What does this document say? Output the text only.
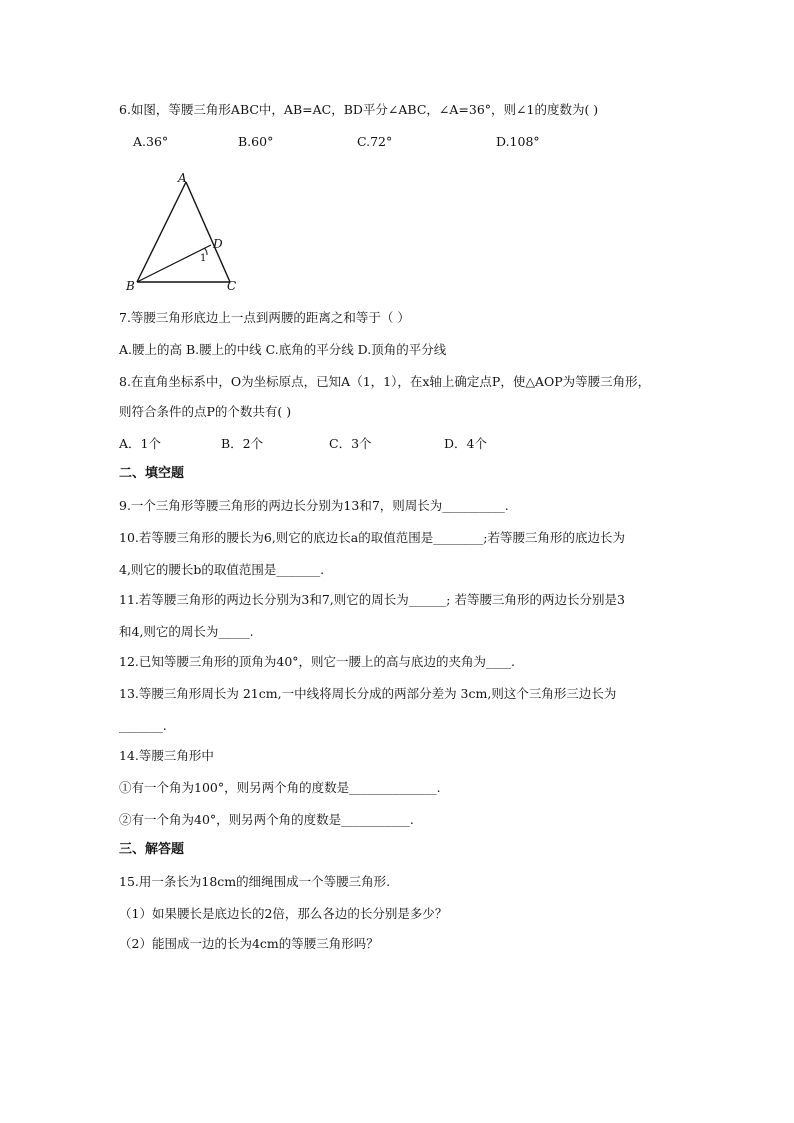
6.如图，等腰三角形ABC中，AB=AC，BD平分∠ABC，∠A=36°，则∠1的度数为( )
A.36°	B.60°	C.72°	D.108°
A
D
1
B	C
7.等腰三角形底边上一点到两腰的距离之和等于（ ）
A.腰上的高 B.腰上的中线 C.底角的平分线 D.顶角的平分线
8.在直角坐标系中，O为坐标原点，已知A（1，1），在x轴上确定点P，使△AOP为等腰三角形，
则符合条件的点P的个数共有( )
A．1个	B．2个	C．3个	D．4个
二、填空题
9.一个三角形等腰三角形的两边长分别为13和7，则周长为__________.
10.若等腰三角形的腰长为6,则它的底边长a的取值范围是________;若等腰三角形的底边长为
4,则它的腰长b的取值范围是_______.
11.若等腰三角形的两边长分别为3和7,则它的周长为______; 若等腰三角形的两边长分别是3
和4,则它的周长为_____.
12.已知等腰三角形的顶角为40°，则它一腰上的高与底边的夹角为____.
13.等腰三角形周长为 21cm,一中线将周长分成的两部分差为 3cm,则这个三角形三边长为
_______.
14.等腰三角形中
①有一个角为100°，则另两个角的度数是______________.
②有一个角为40°，则另两个角的度数是___________.
三、解答题
15.用一条长为18cm的细绳围成一个等腰三角形.
（1）如果腰长是底边长的2倍，那么各边的长分别是多少？
（2）能围成一边的长为4cm的等腰三角形吗？
